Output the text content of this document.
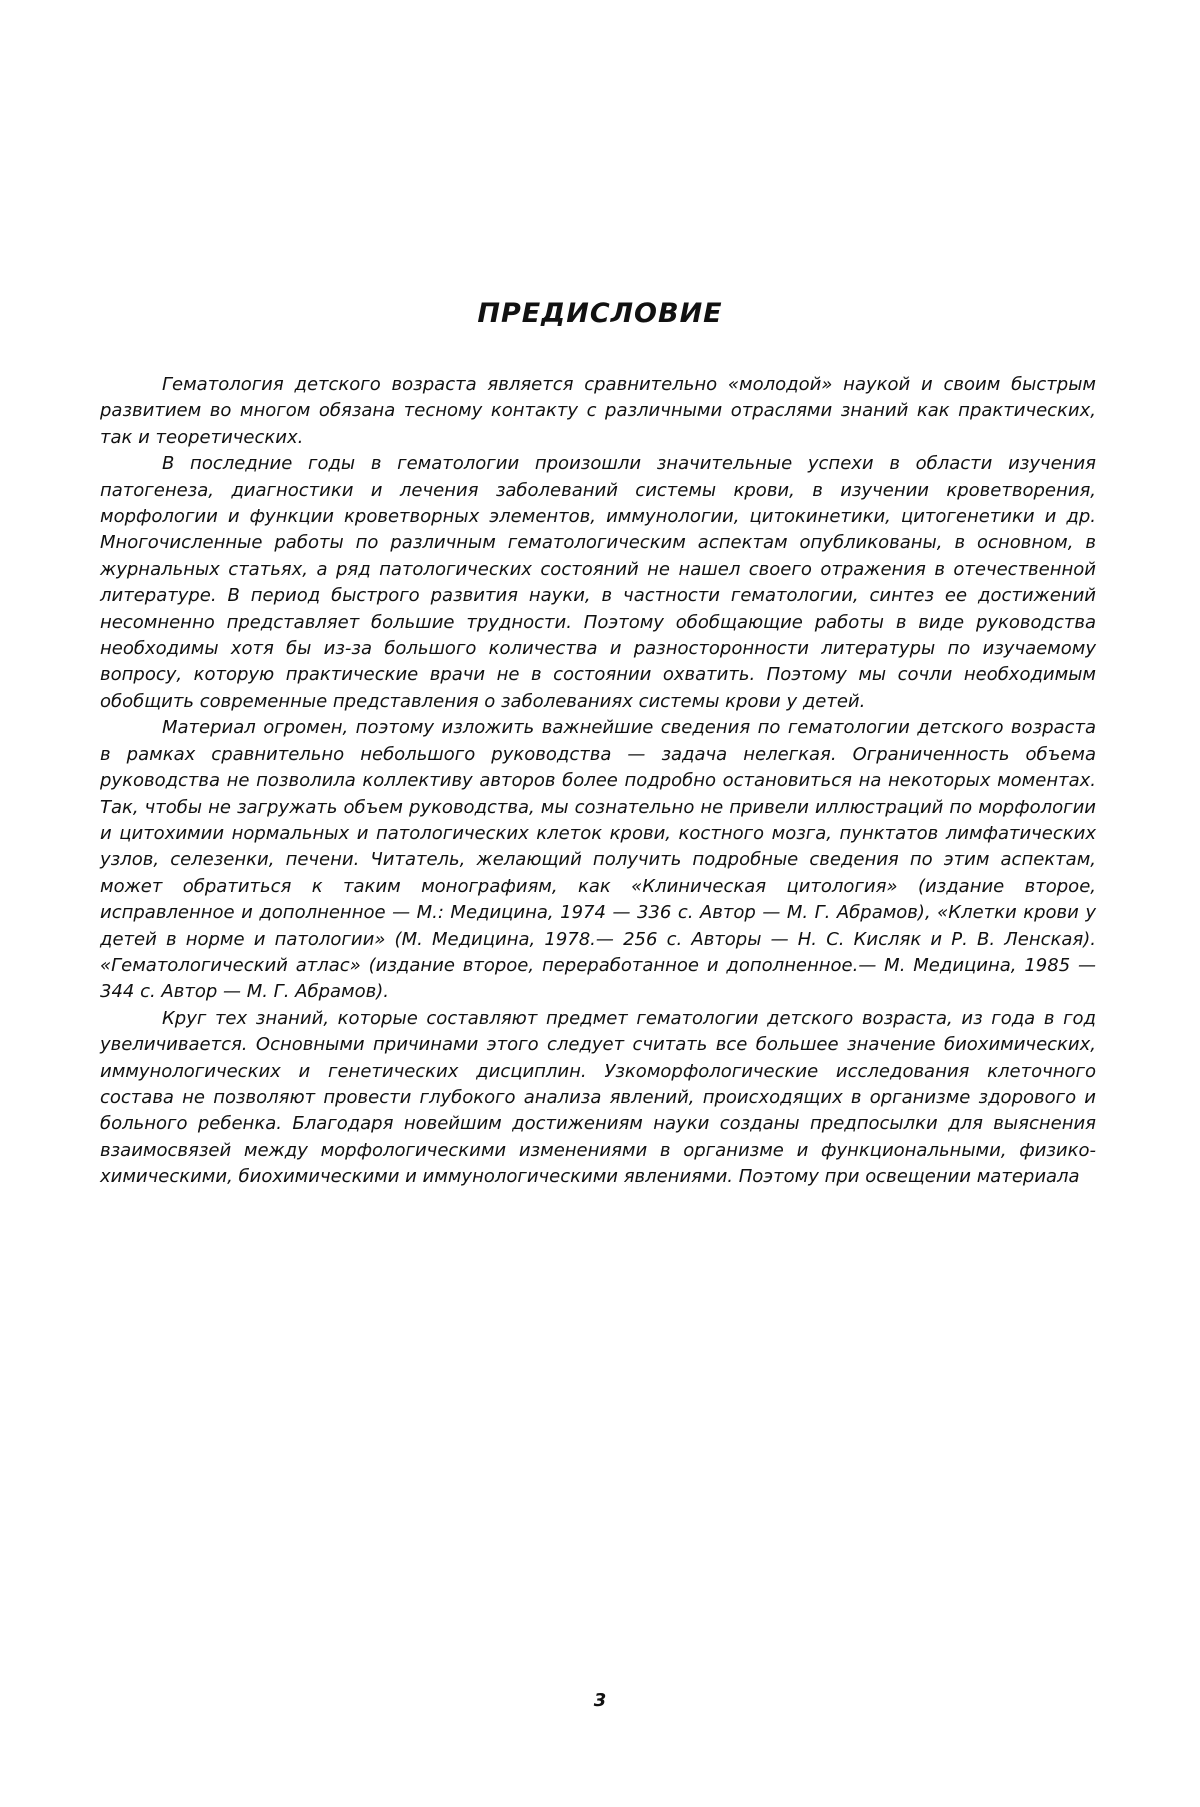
ПРЕДИСЛОВИЕ

Гематология детского возраста является сравнительно «молодой» наукой и своим быстрым развитием во многом обязана тесному контакту с различными отраслями знаний как практических, так и теоретических.

В последние годы в гематологии произошли значительные успехи в области изучения патогенеза, диагностики и лечения заболеваний системы крови, в изучении кроветворения, морфологии и функции кроветворных элементов, иммунологии, цитокинетики, цитогенетики и др. Многочисленные работы по различным гематологическим аспектам опубликованы, в основном, в журнальных статьях, а ряд патологических состояний не нашел своего отражения в отечественной литературе. В период быстрого развития науки, в частности гематологии, синтез ее достижений несомненно представляет большие трудности. Поэтому обобщающие работы в виде руководства необходимы хотя бы из-за большого количества и разносторонности литературы по изучаемому вопросу, которую практические врачи не в состоянии охватить. Поэтому мы сочли необходимым обобщить современные представления о заболеваниях системы крови у детей.

Материал огромен, поэтому изложить важнейшие сведения по гематологии детского возраста в рамках сравнительно небольшого руководства — задача нелегкая. Ограниченность объема руководства не позволила коллективу авторов более подробно остановиться на некоторых моментах. Так, чтобы не загружать объем руководства, мы сознательно не привели иллюстраций по морфологии и цитохимии нормальных и патологических клеток крови, костного мозга, пунктатов лимфатических узлов, селезенки, печени. Читатель, желающий получить подробные сведения по этим аспектам, может обратиться к таким монографиям, как «Клиническая цитология» (издание второе, исправленное и дополненное — М.: Медицина, 1974 — 336 с. Автор — М. Г. Абрамов), «Клетки крови у детей в норме и патологии» (М. Медицина, 1978.— 256 с. Авторы — Н. С. Кисляк и Р. В. Ленская). «Гематологический атлас» (издание второе, переработанное и дополненное.— М. Медицина, 1985 — 344 с. Автор — М. Г. Абрамов).

Круг тех знаний, которые составляют предмет гематологии детского возраста, из года в год увеличивается. Основными причинами этого следует считать все большее значение биохимических, иммунологических и генетических дисциплин. Узкоморфологические исследования клеточного состава не позволяют провести глубокого анализа явлений, происходящих в организме здорового и больного ребенка. Благодаря новейшим достижениям науки созданы предпосылки для выяснения взаимосвязей между морфологическими изменениями в организме и функциональными, физико-химическими, биохимическими и иммунологическими явлениями. Поэтому при освещении материала

3
